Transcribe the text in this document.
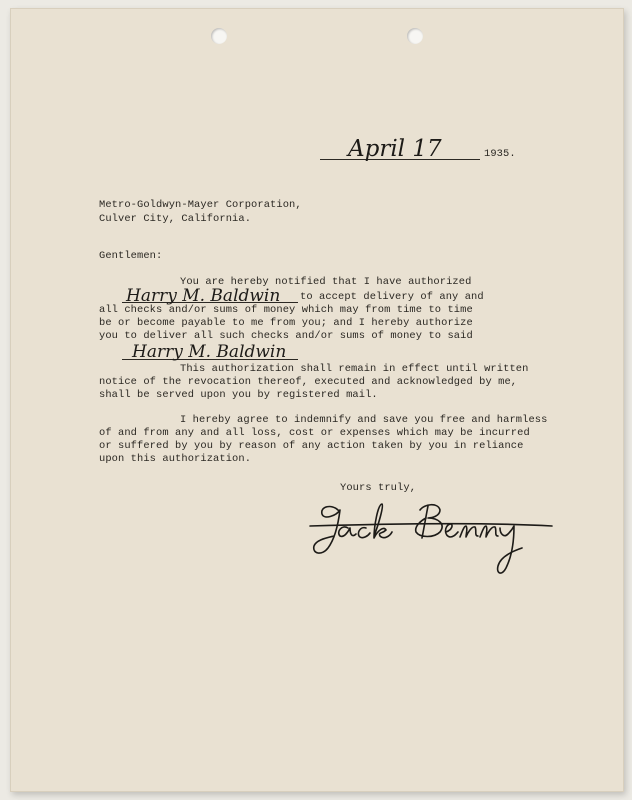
April 17	1935.
Metro-Goldwyn-Mayer Corporation,
Culver City, California.
Gentlemen:
You are hereby notified that I have authorized
Harry M. Baldwin to accept delivery of any and
all checks and/or sums of money which may from time to time
be or become payable to me from you; and I hereby authorize
you to deliver all such checks and/or sums of money to said
Harry M. Baldwin
This authorization shall remain in effect until written
notice of the revocation thereof, executed and acknowledged by me,
shall be served upon you by registered mail.
I hereby agree to indemnify and save you free and harmless
of and from any and all loss, cost or expenses which may be incurred
or suffered by you by reason of any action taken by you in reliance
upon this authorization.
Yours truly,
